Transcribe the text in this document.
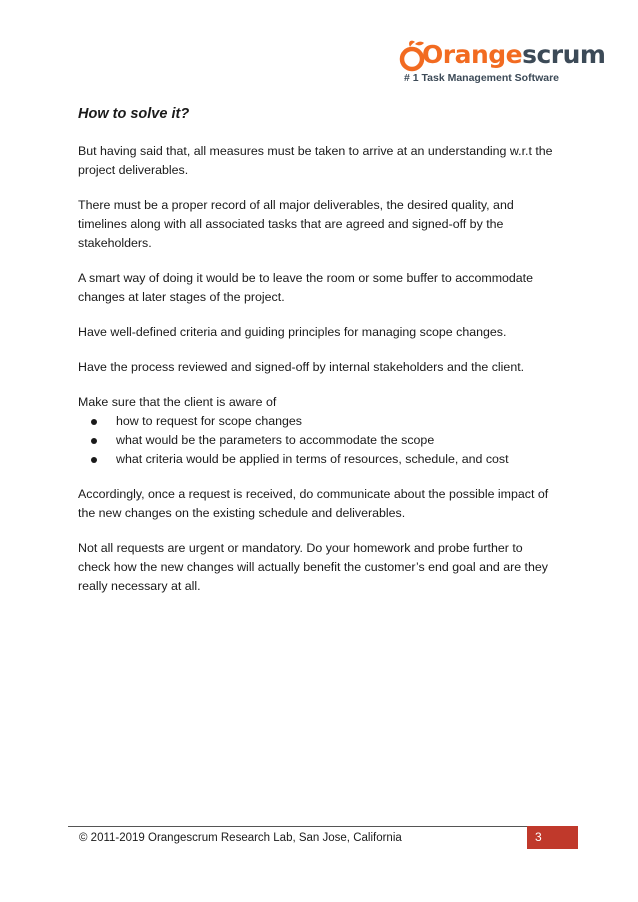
Orangescrum
# 1 Task Management Software
How to solve it?

But having said that, all measures must be taken to arrive at an understanding w.r.t the project deliverables.

There must be a proper record of all major deliverables, the desired quality, and timelines along with all associated tasks that are agreed and signed-off by the stakeholders.

A smart way of doing it would be to leave the room or some buffer to accommodate changes at later stages of the project.

Have well-defined criteria and guiding principles for managing scope changes.

Have the process reviewed and signed-off by internal stakeholders and the client.

Make sure that the client is aware of

how to request for scope changes
what would be the parameters to accommodate the scope
what criteria would be applied in terms of resources, schedule, and cost

Accordingly, once a request is received, do communicate about the possible impact of the new changes on the existing schedule and deliverables.

Not all requests are urgent or mandatory. Do your homework and probe further to check how the new changes will actually benefit the customer’s end goal and are they really necessary at all.

© 2011-2019 Orangescrum Research Lab, San Jose, California	3
